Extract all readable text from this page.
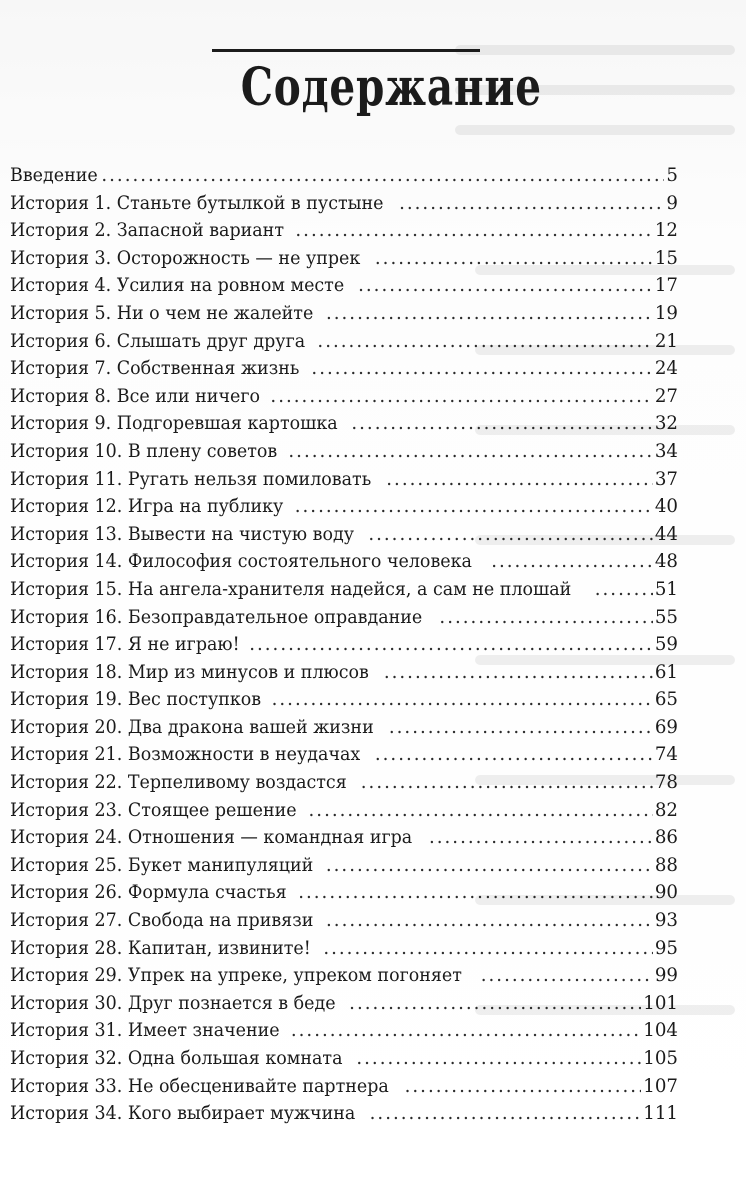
Содержание
Введение .....	5
История 1. Станьте бутылкой в пустыне .....	9
История 2. Запасной вариант .....	12
История 3. Осторожность — не упрек .....	15
История 4. Усилия на ровном месте .....	17
История 5. Ни о чем не жалейте .....	19
История 6. Слышать друг друга .....	21
История 7. Собственная жизнь .....	24
История 8. Все или ничего .....	27
История 9. Подгоревшая картошка .....	32
История 10. В плену советов .....	34
История 11. Ругать нельзя помиловать .....	37
История 12. Игра на публику .....	40
История 13. Вывести на чистую воду .....	44
История 14. Философия состоятельного человека .....	48
История 15. На ангела-хранителя надейся, а сам не плошай .....	51
История 16. Безоправдательное оправдание .....	55
История 17. Я не играю! .....	59
История 18. Мир из минусов и плюсов .....	61
История 19. Вес поступков .....	65
История 20. Два дракона вашей жизни .....	69
История 21. Возможности в неудачах .....	74
История 22. Терпеливому воздастся .....	78
История 23. Стоящее решение .....	82
История 24. Отношения — командная игра .....	86
История 25. Букет манипуляций .....	88
История 26. Формула счастья .....	90
История 27. Свобода на привязи .....	93
История 28. Капитан, извините! .....	95
История 29. Упрек на упреке, упреком погоняет .....	99
История 30. Друг познается в беде .....	101
История 31. Имеет значение .....	104
История 32. Одна большая комната .....	105
История 33. Не обесценивайте партнера .....	107
История 34. Кого выбирает мужчина .....	111
